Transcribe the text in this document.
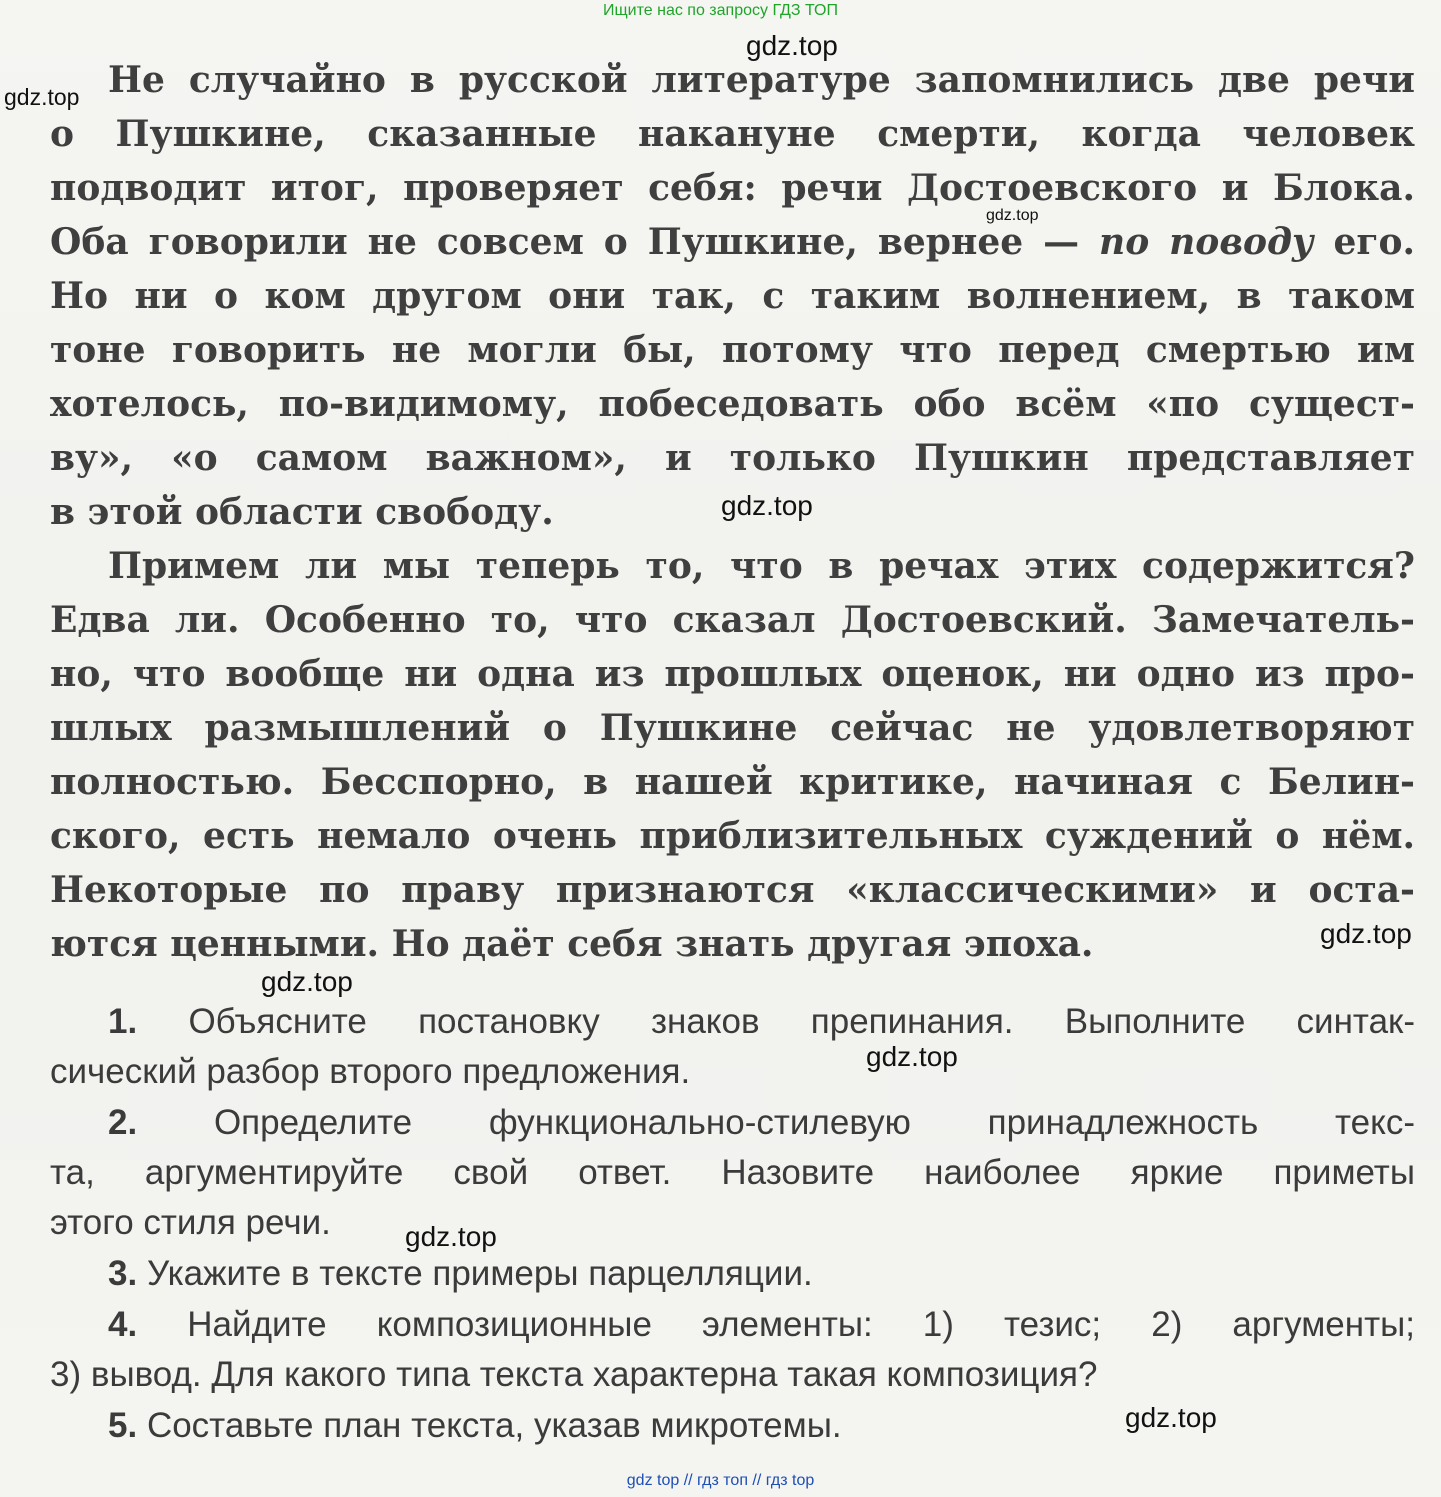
Ищите нас по запросу ГДЗ ТОП
Не случайно в русской литературе запомнились две речи
о Пушкине, сказанные накануне смерти, когда человек
подводит итог, проверяет себя: речи Достоевского и Блока.
Оба говорили не совсем о Пушкине, вернее — по поводу его.
Но ни о ком другом они так, с таким волнением, в таком
тоне говорить не могли бы, потому что перед смертью им
хотелось, по-видимому, побеседовать обо всём «по сущест-
ву», «о самом важном», и только Пушкин представляет
в этой области свободу.
Примем ли мы теперь то, что в речах этих содержится?
Едва ли. Особенно то, что сказал Достоевский. Замечатель-
но, что вообще ни одна из прошлых оценок, ни одно из про-
шлых размышлений о Пушкине сейчас не удовлетворяют
полностью. Бесспорно, в нашей критике, начиная с Белин-
ского, есть немало очень приблизительных суждений о нём.
Некоторые по праву признаются «классическими» и оста-
ются ценными. Но даёт себя знать другая эпоха.
1. Объясните постановку знаков препинания. Выполните синтак-
сический разбор второго предложения.
2. Определите функционально-стилевую принадлежность текс-
та, аргументируйте свой ответ. Назовите наиболее яркие приметы
этого стиля речи.
3. Укажите в тексте примеры парцелляции.
4. Найдите композиционные элементы: 1) тезис; 2) аргументы;
3) вывод. Для какого типа текста характерна такая композиция?
5. Составьте план текста, указав микротемы.
gdz.top
gdz.top
gdz.top
gdz.top
gdz.top
gdz.top
gdz.top
gdz.top
gdz.top
gdz top // гдз топ // гдз top
